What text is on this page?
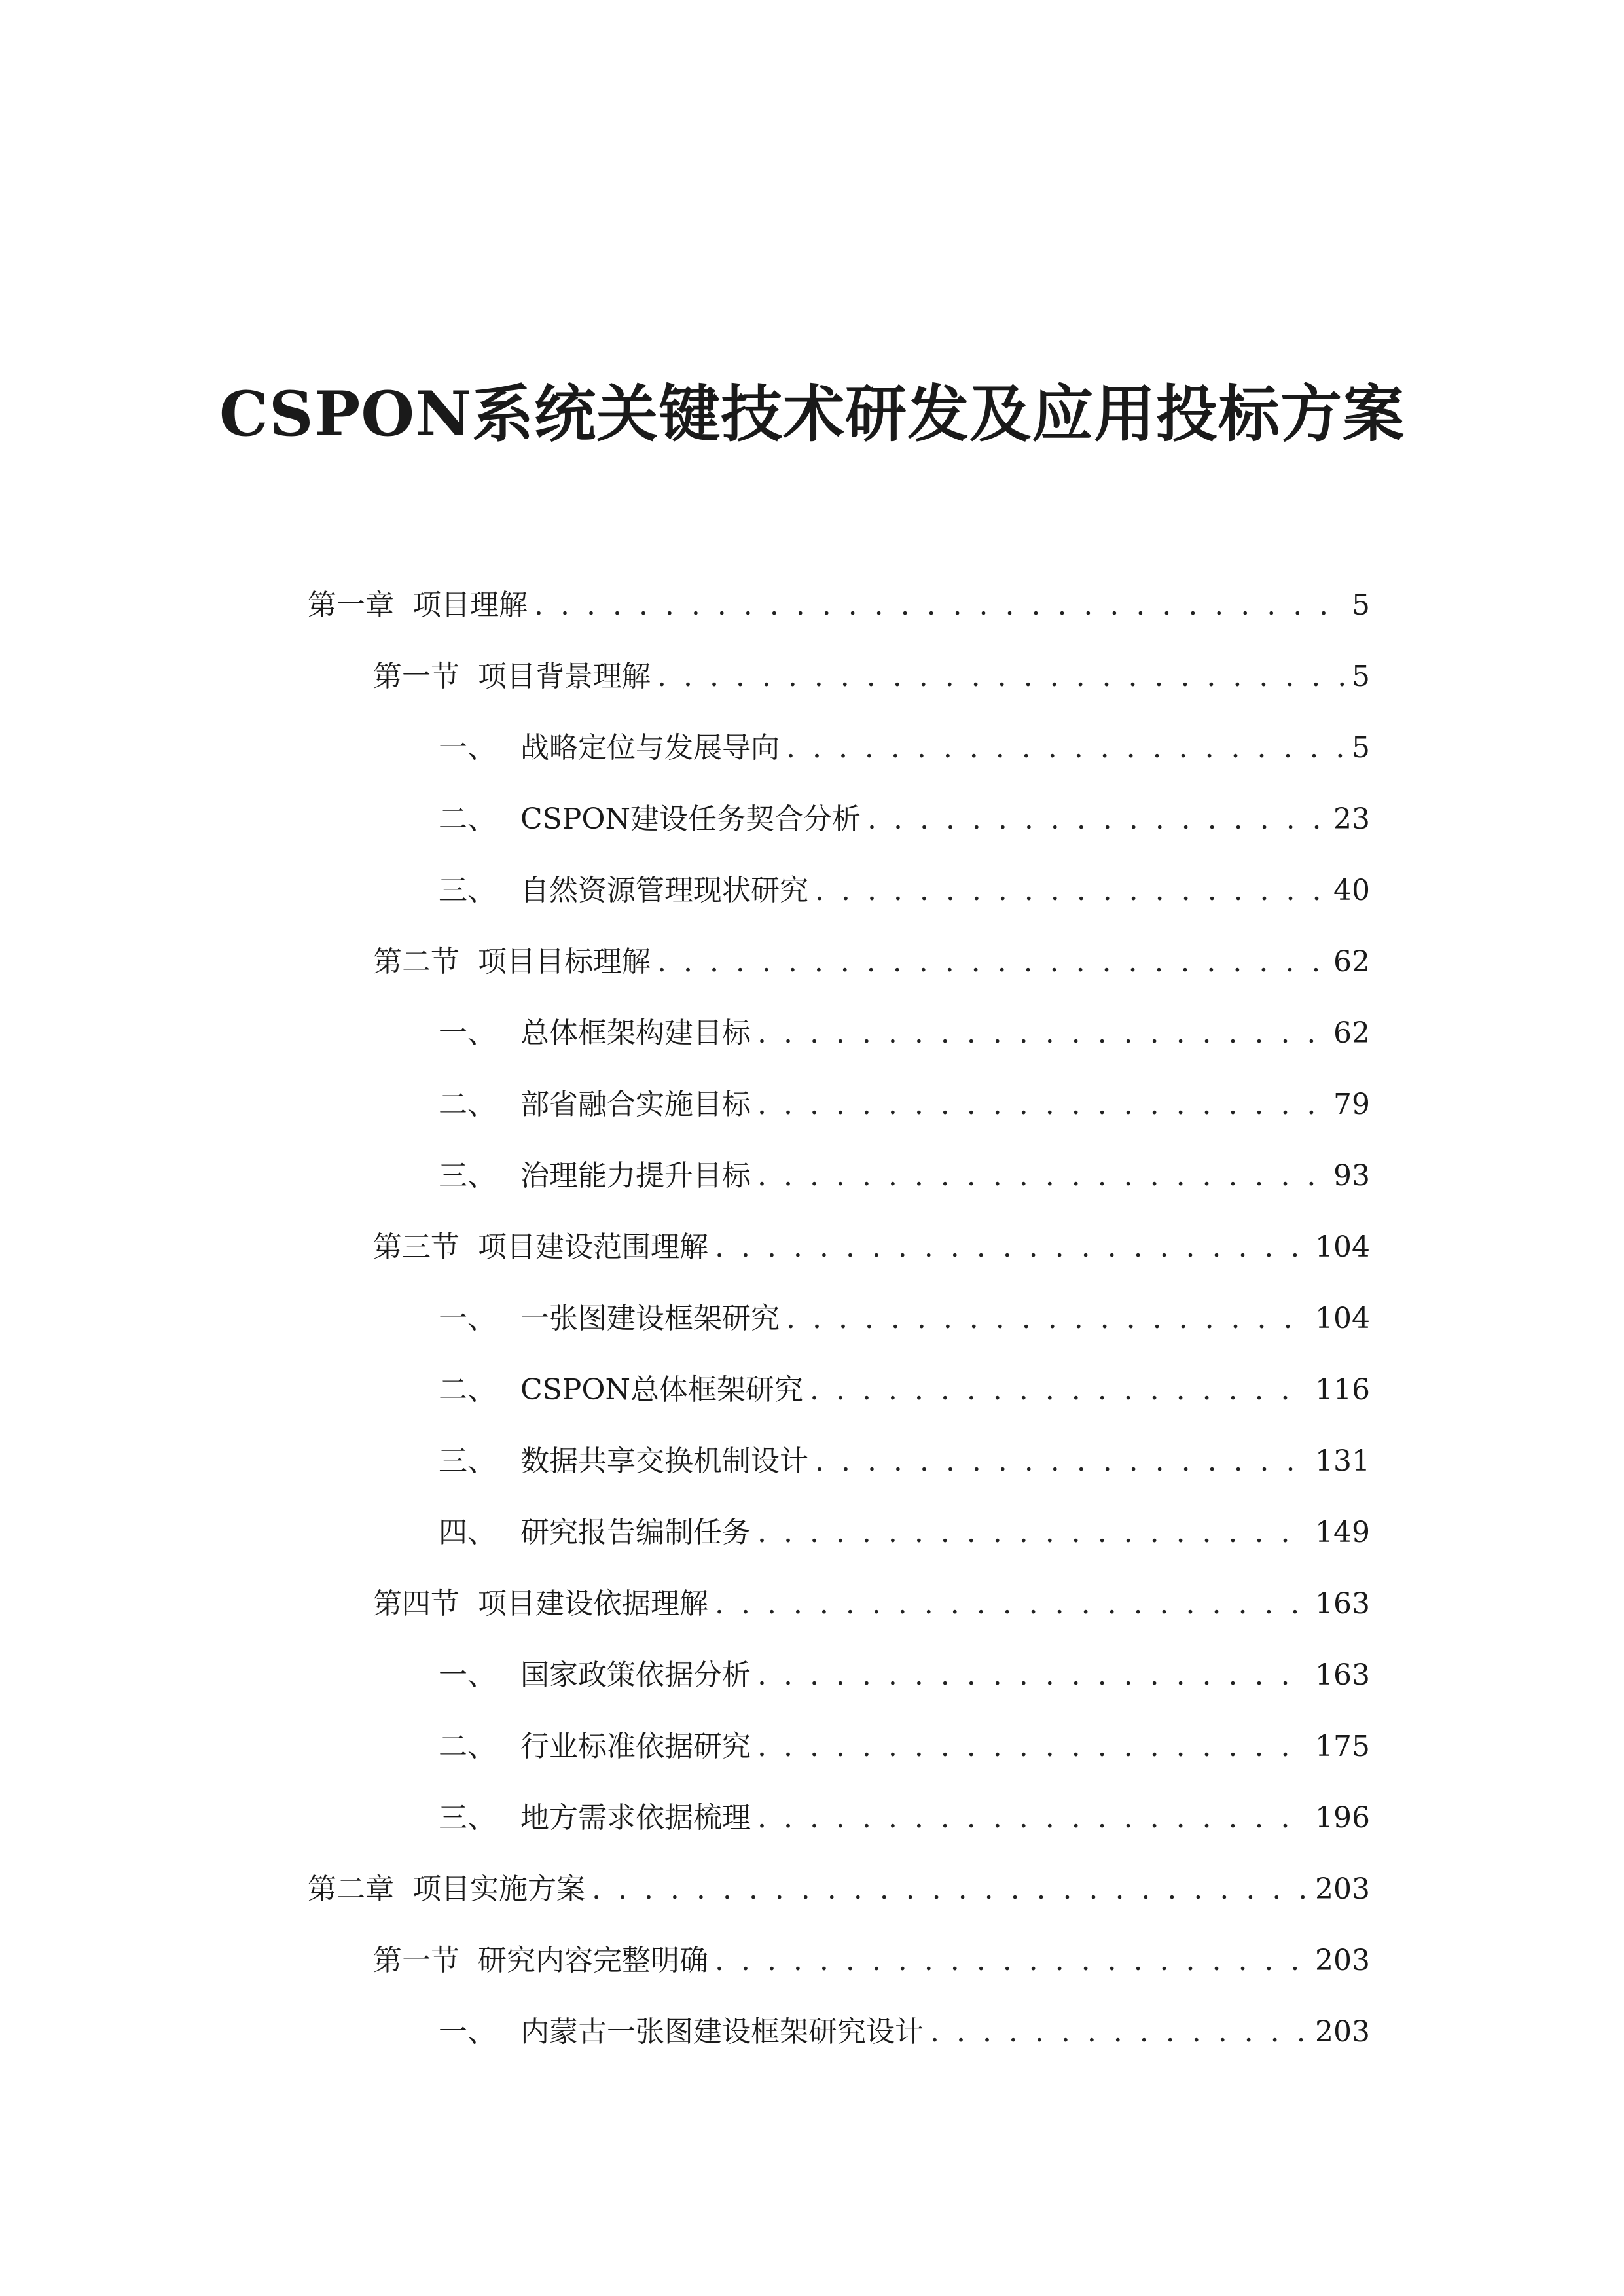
CSPON系统关键技术研发及应用投标方案
第一章 项目理解 . . .	5
第一节 项目背景理解 . . .	5
一、 战略定位与发展导向 . . .	5
二、 CSPON建设任务契合分析 . . .	23
三、 自然资源管理现状研究 . . .	40
第二节 项目目标理解 . . .	62
一、 总体框架构建目标 . . .	62
二、 部省融合实施目标 . . .	79
三、 治理能力提升目标 . . .	93
第三节 项目建设范围理解 . . .	104
一、 一张图建设框架研究 . . .	104
二、 CSPON总体框架研究 . . .	116
三、 数据共享交换机制设计 . . .	131
四、 研究报告编制任务 . . .	149
第四节 项目建设依据理解 . . .	163
一、 国家政策依据分析 . . .	163
二、 行业标准依据研究 . . .	175
三、 地方需求依据梳理 . . .	196
第二章 项目实施方案 . . .	203
第一节 研究内容完整明确 . . .	203
一、 内蒙古一张图建设框架研究设计 . . .	203
